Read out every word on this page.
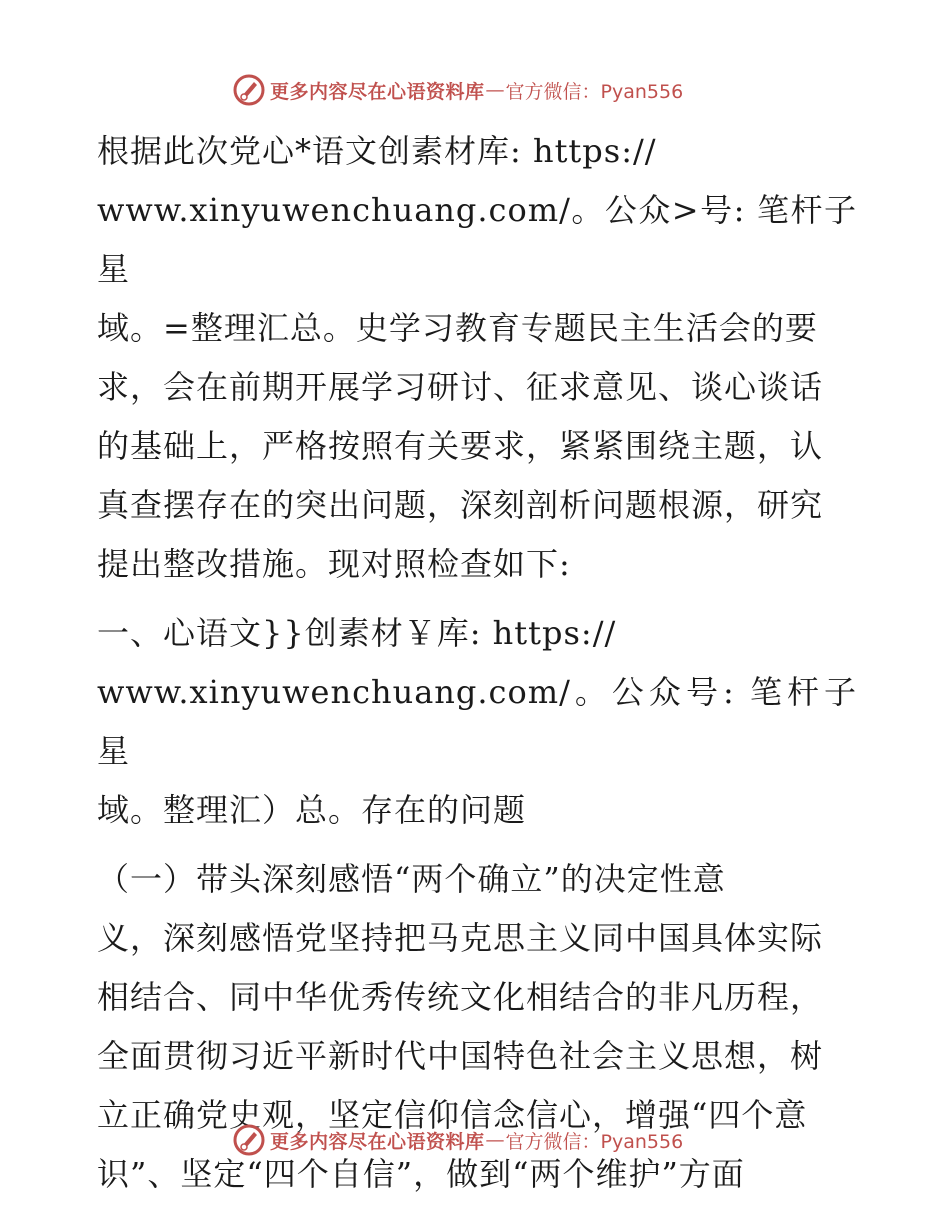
更多内容尽在心语资料库 — 官方微信：Pyan556

根据此次党心*语文创素材库: https://
www.xinyuwenchuang.com/。公众>号: 笔杆子星
域。=整理汇总。史学习教育专题民主生活会的要
求，会在前期开展学习研讨、征求意见、谈心谈话
的基础上，严格按照有关要求，紧紧围绕主题，认
真查摆存在的突出问题，深刻剖析问题根源，研究
提出整改措施。现对照检查如下:

一、心语文}}创素材￥库: https://
www.xinyuwenchuang.com/。公众号: 笔杆子星
域。整理汇）总。存在的问题

（一）带头深刻感悟“两个确立”的决定性意
义，深刻感悟党坚持把马克思主义同中国具体实际
相结合、同中华优秀传统文化相结合的非凡历程，
全面贯彻习近平新时代中国特色社会主义思想，树
立正确党史观，坚定信仰信念信心，增强“四个意
识”、坚定“四个自信”，做到“两个维护”方面

更多内容尽在心语资料库 — 官方微信：Pyan556
